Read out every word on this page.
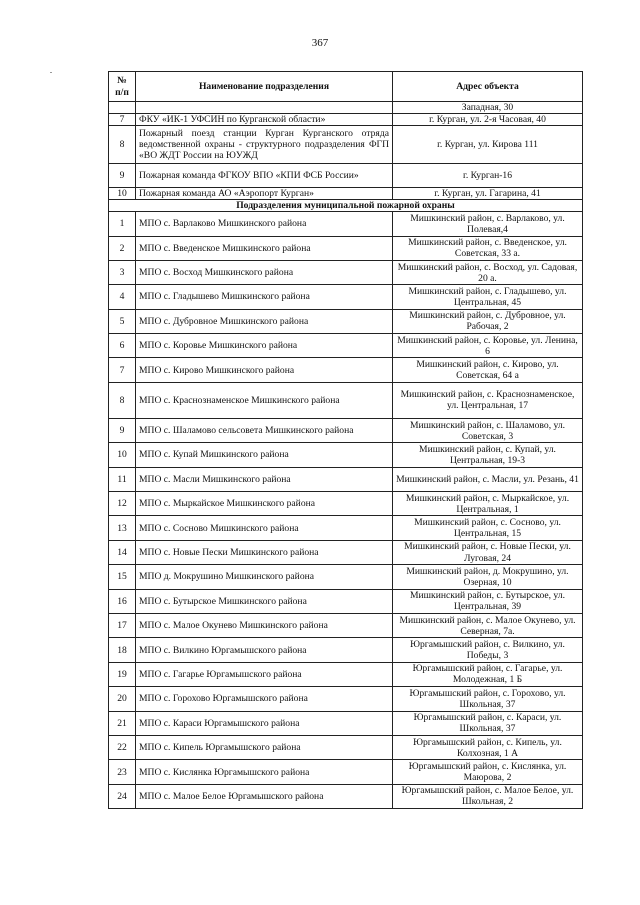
367
№ п/п	Наименование подразделения	Адрес объекта
		Западная, 30
7	ФКУ «ИК-1 УФСИН по Курганской области»	г. Курган, ул. 2-я Часовая, 40
8	Пожарный поезд станции Курган Курганского отряда ведомственной охраны - структурного подразделения ФГП «ВО ЖДТ России на ЮУЖД	г. Курган, ул. Кирова 111
9	Пожарная команда ФГКОУ ВПО «КПИ ФСБ России»	г. Курган-16
10	Пожарная команда АО «Аэропорт Курган»	г. Курган, ул. Гагарина, 41
Подразделения муниципальной пожарной охраны		
1	МПО с. Варлаково Мишкинского района	Мишкинский район, с. Варлаково, ул. Полевая,4
2	МПО с. Введенское Мишкинского района	Мишкинский район, с. Введенское, ул. Советская, 33 а.
3	МПО с. Восход Мишкинского района	Мишкинский район, с. Восход, ул. Садовая, 20 а.
4	МПО с. Гладышево Мишкинского района	Мишкинский район, с. Гладышево, ул. Центральная, 45
5	МПО с. Дубровное Мишкинского района	Мишкинский район, с. Дубровное, ул. Рабочая, 2
6	МПО с. Коровье Мишкинского района	Мишкинский район, с. Коровье, ул. Ленина, 6
7	МПО с. Кирово Мишкинского района	Мишкинский район, с. Кирово, ул. Советская, 64 а
8	МПО с. Краснознаменское Мишкинского района	Мишкинский район, с. Краснознаменское, ул. Центральная, 17
9	МПО с. Шаламово сельсовета Мишкинского района	Мишкинский район, с. Шаламово, ул. Советская, 3
10	МПО с. Купай Мишкинского района	Мишкинский район, с. Купай, ул. Центральная, 19-3
11	МПО с. Масли Мишкинского района	Мишкинский район, с. Масли, ул. Резань, 41
12	МПО с. Мыркайское Мишкинского района	Мишкинский район, с. Мыркайское, ул. Центральная, 1
13	МПО с. Сосново Мишкинского района	Мишкинский район, с. Сосново, ул. Центральная, 15
14	МПО с. Новые Пески Мишкинского района	Мишкинский район, с. Новые Пески, ул. Луговая, 24
15	МПО д. Мокрушино Мишкинского района	Мишкинский район, д. Мокрушино, ул. Озерная, 10
16	МПО с. Бутырское Мишкинского района	Мишкинский район, с. Бутырское, ул. Центральная, 39
17	МПО с. Малое Окунево Мишкинского района	Мишкинский район, с. Малое Окунево, ул. Северная, 7а.
18	МПО с. Вилкино Юргамышского района	Юргамышский район, с. Вилкино, ул. Победы, 3
19	МПО с. Гагарье Юргамышского района	Юргамышский район, с. Гагарье, ул. Молодежная, 1 Б
20	МПО с. Горохово Юргамышского района	Юргамышский район, с. Горохово, ул. Школьная, 37
21	МПО с. Караси Юргамышского района	Юргамышский район, с. Караси, ул. Школьная, 37
22	МПО с. Кипель Юргамышского района	Юргамышский район, с. Кипель, ул. Колхозная, 1 А
23	МПО с. Кислянка Юргамышского района	Юргамышский район, с. Кислянка, ул. Маюрова, 2
24	МПО с. Малое Белое Юргамышского района	Юргамышский район, с. Малое Белое, ул. Школьная, 2
